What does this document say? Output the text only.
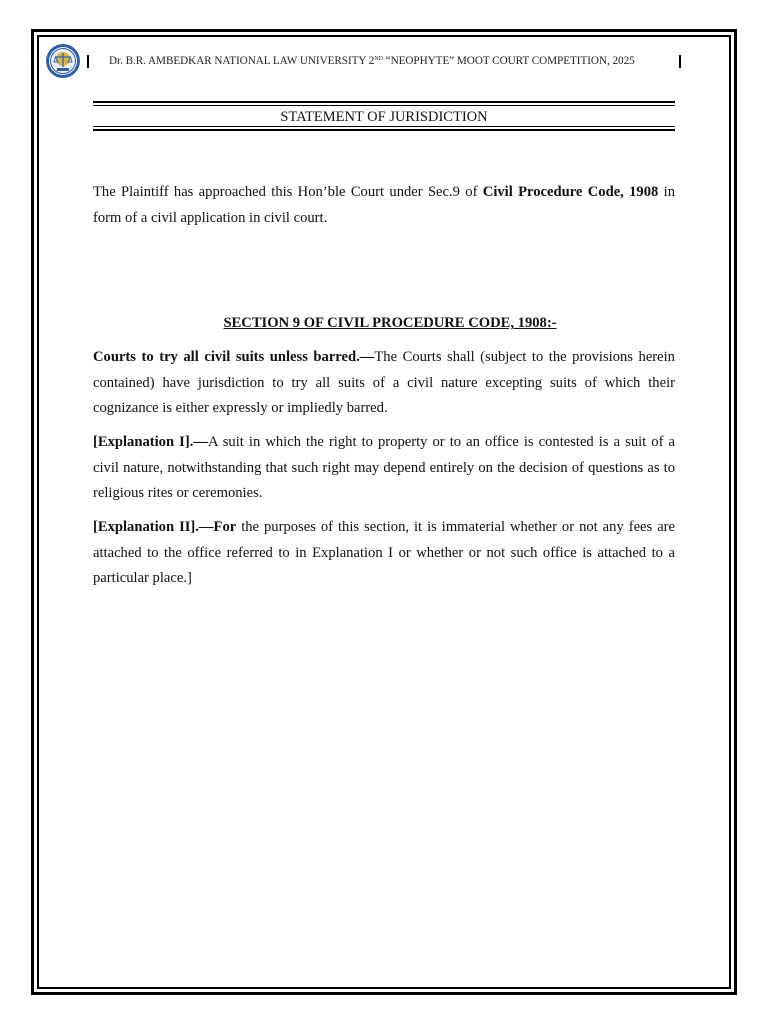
Dr. B.R. AMBEDKAR NATIONAL LAW UNIVERSITY 2ND “NEOPHYTE” MOOT COURT COMPETITION, 2025
STATEMENT OF JURISDICTION

The Plaintiff has approached this Hon’ble Court under Sec.9 of Civil Procedure Code, 1908 in form of a civil application in civil court.

SECTION 9 OF CIVIL PROCEDURE CODE, 1908:-

Courts to try all civil suits unless barred.—The Courts shall (subject to the provisions herein contained) have jurisdiction to try all suits of a civil nature excepting suits of which their cognizance is either expressly or impliedly barred.

[Explanation I].—A suit in which the right to property or to an office is contested is a suit of a civil nature, notwithstanding that such right may depend entirely on the decision of questions as to religious rites or ceremonies.

[Explanation II].—For the purposes of this section, it is immaterial whether or not any fees are attached to the office referred to in Explanation I or whether or not such office is attached to a particular place.]
